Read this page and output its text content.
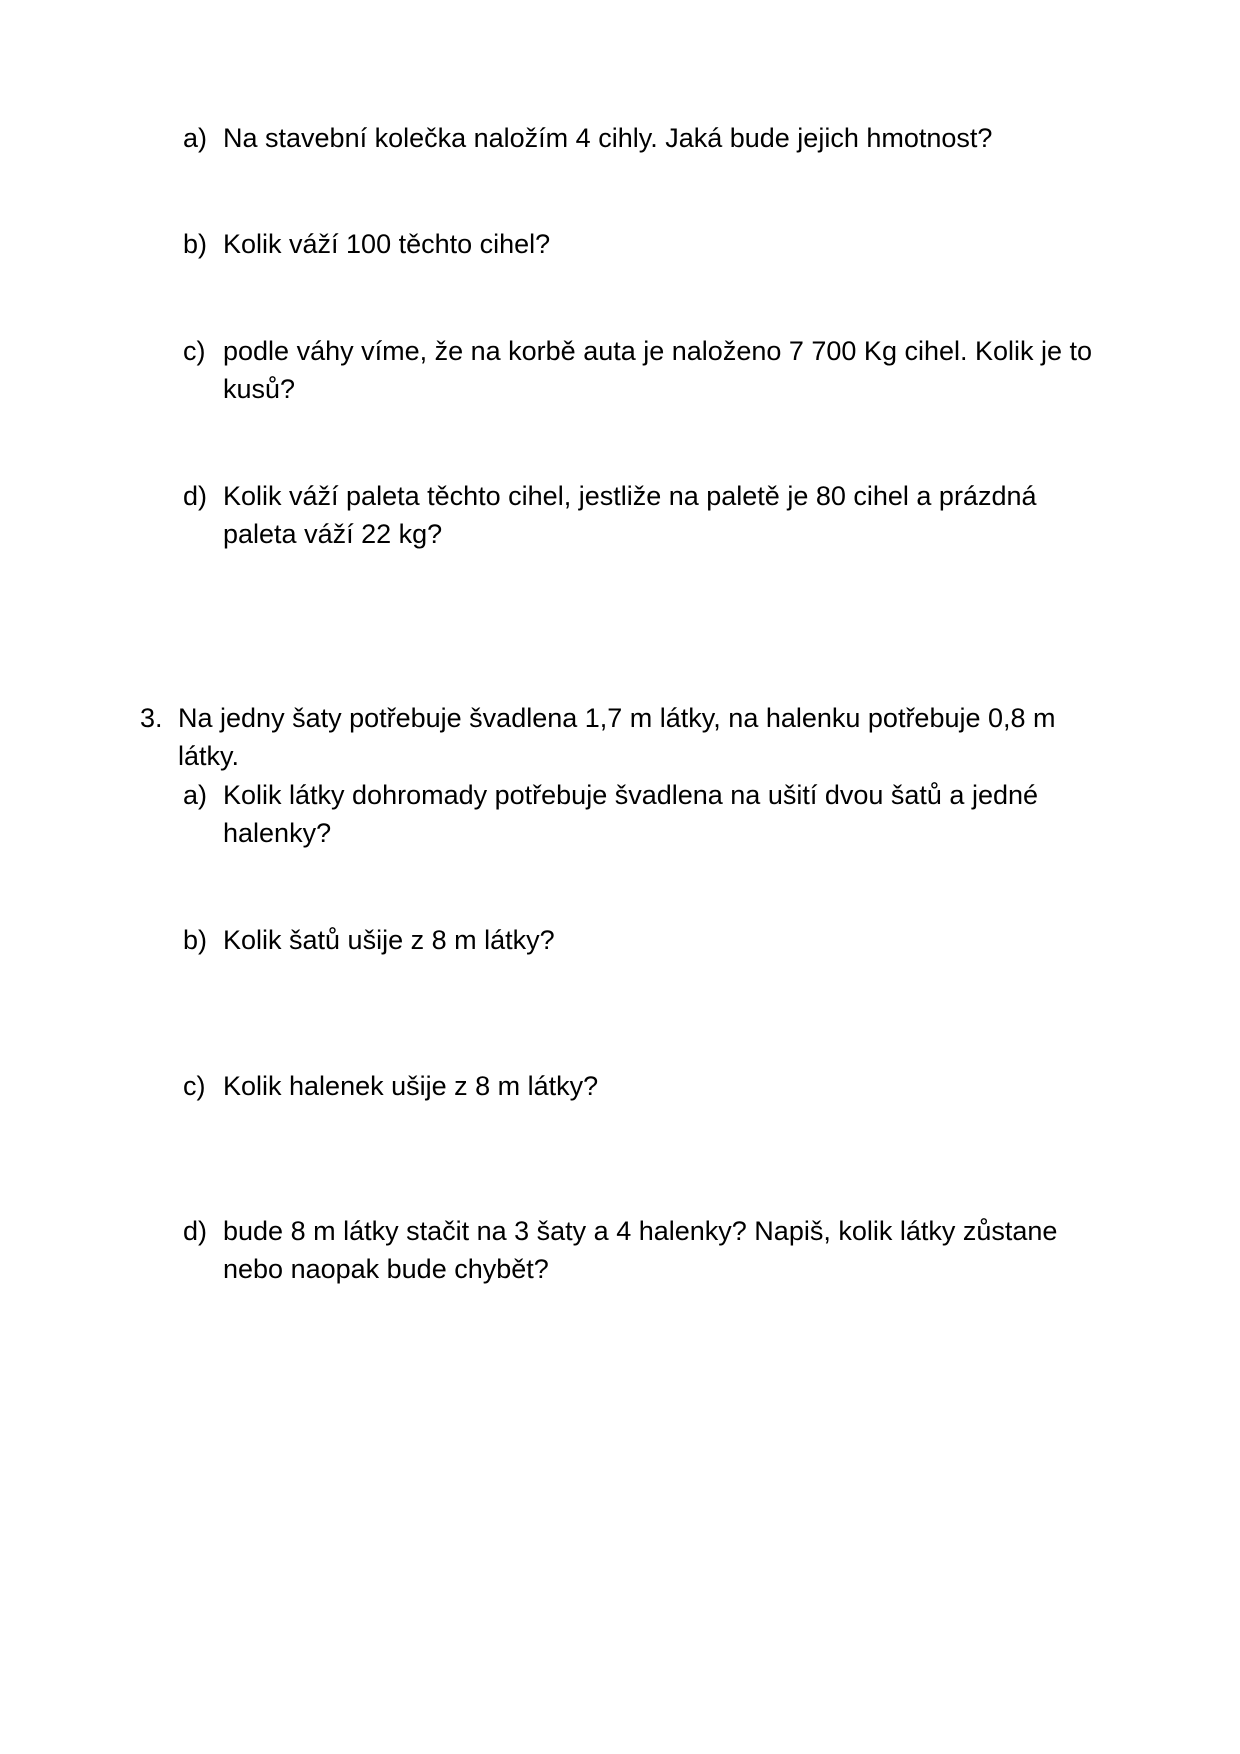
a) Na stavební kolečka naložím 4 cihly. Jaká bude jejich hmotnost?
b) Kolik váží 100 těchto cihel?
c) podle váhy víme, že na korbě auta je naloženo 7 700 Kg cihel. Kolik je to
kusů?
d) Kolik váží paleta těchto cihel, jestliže na paletě je 80 cihel a prázdná
paleta váží 22 kg?
3. Na jedny šaty potřebuje švadlena 1,7 m látky, na halenku potřebuje 0,8 m
látky.
a) Kolik látky dohromady potřebuje švadlena na ušití dvou šatů a jedné
halenky?
b) Kolik šatů ušije z 8 m látky?
c) Kolik halenek ušije z 8 m látky?
d) bude 8 m látky stačit na 3 šaty a 4 halenky? Napiš, kolik látky zůstane
nebo naopak bude chybět?
